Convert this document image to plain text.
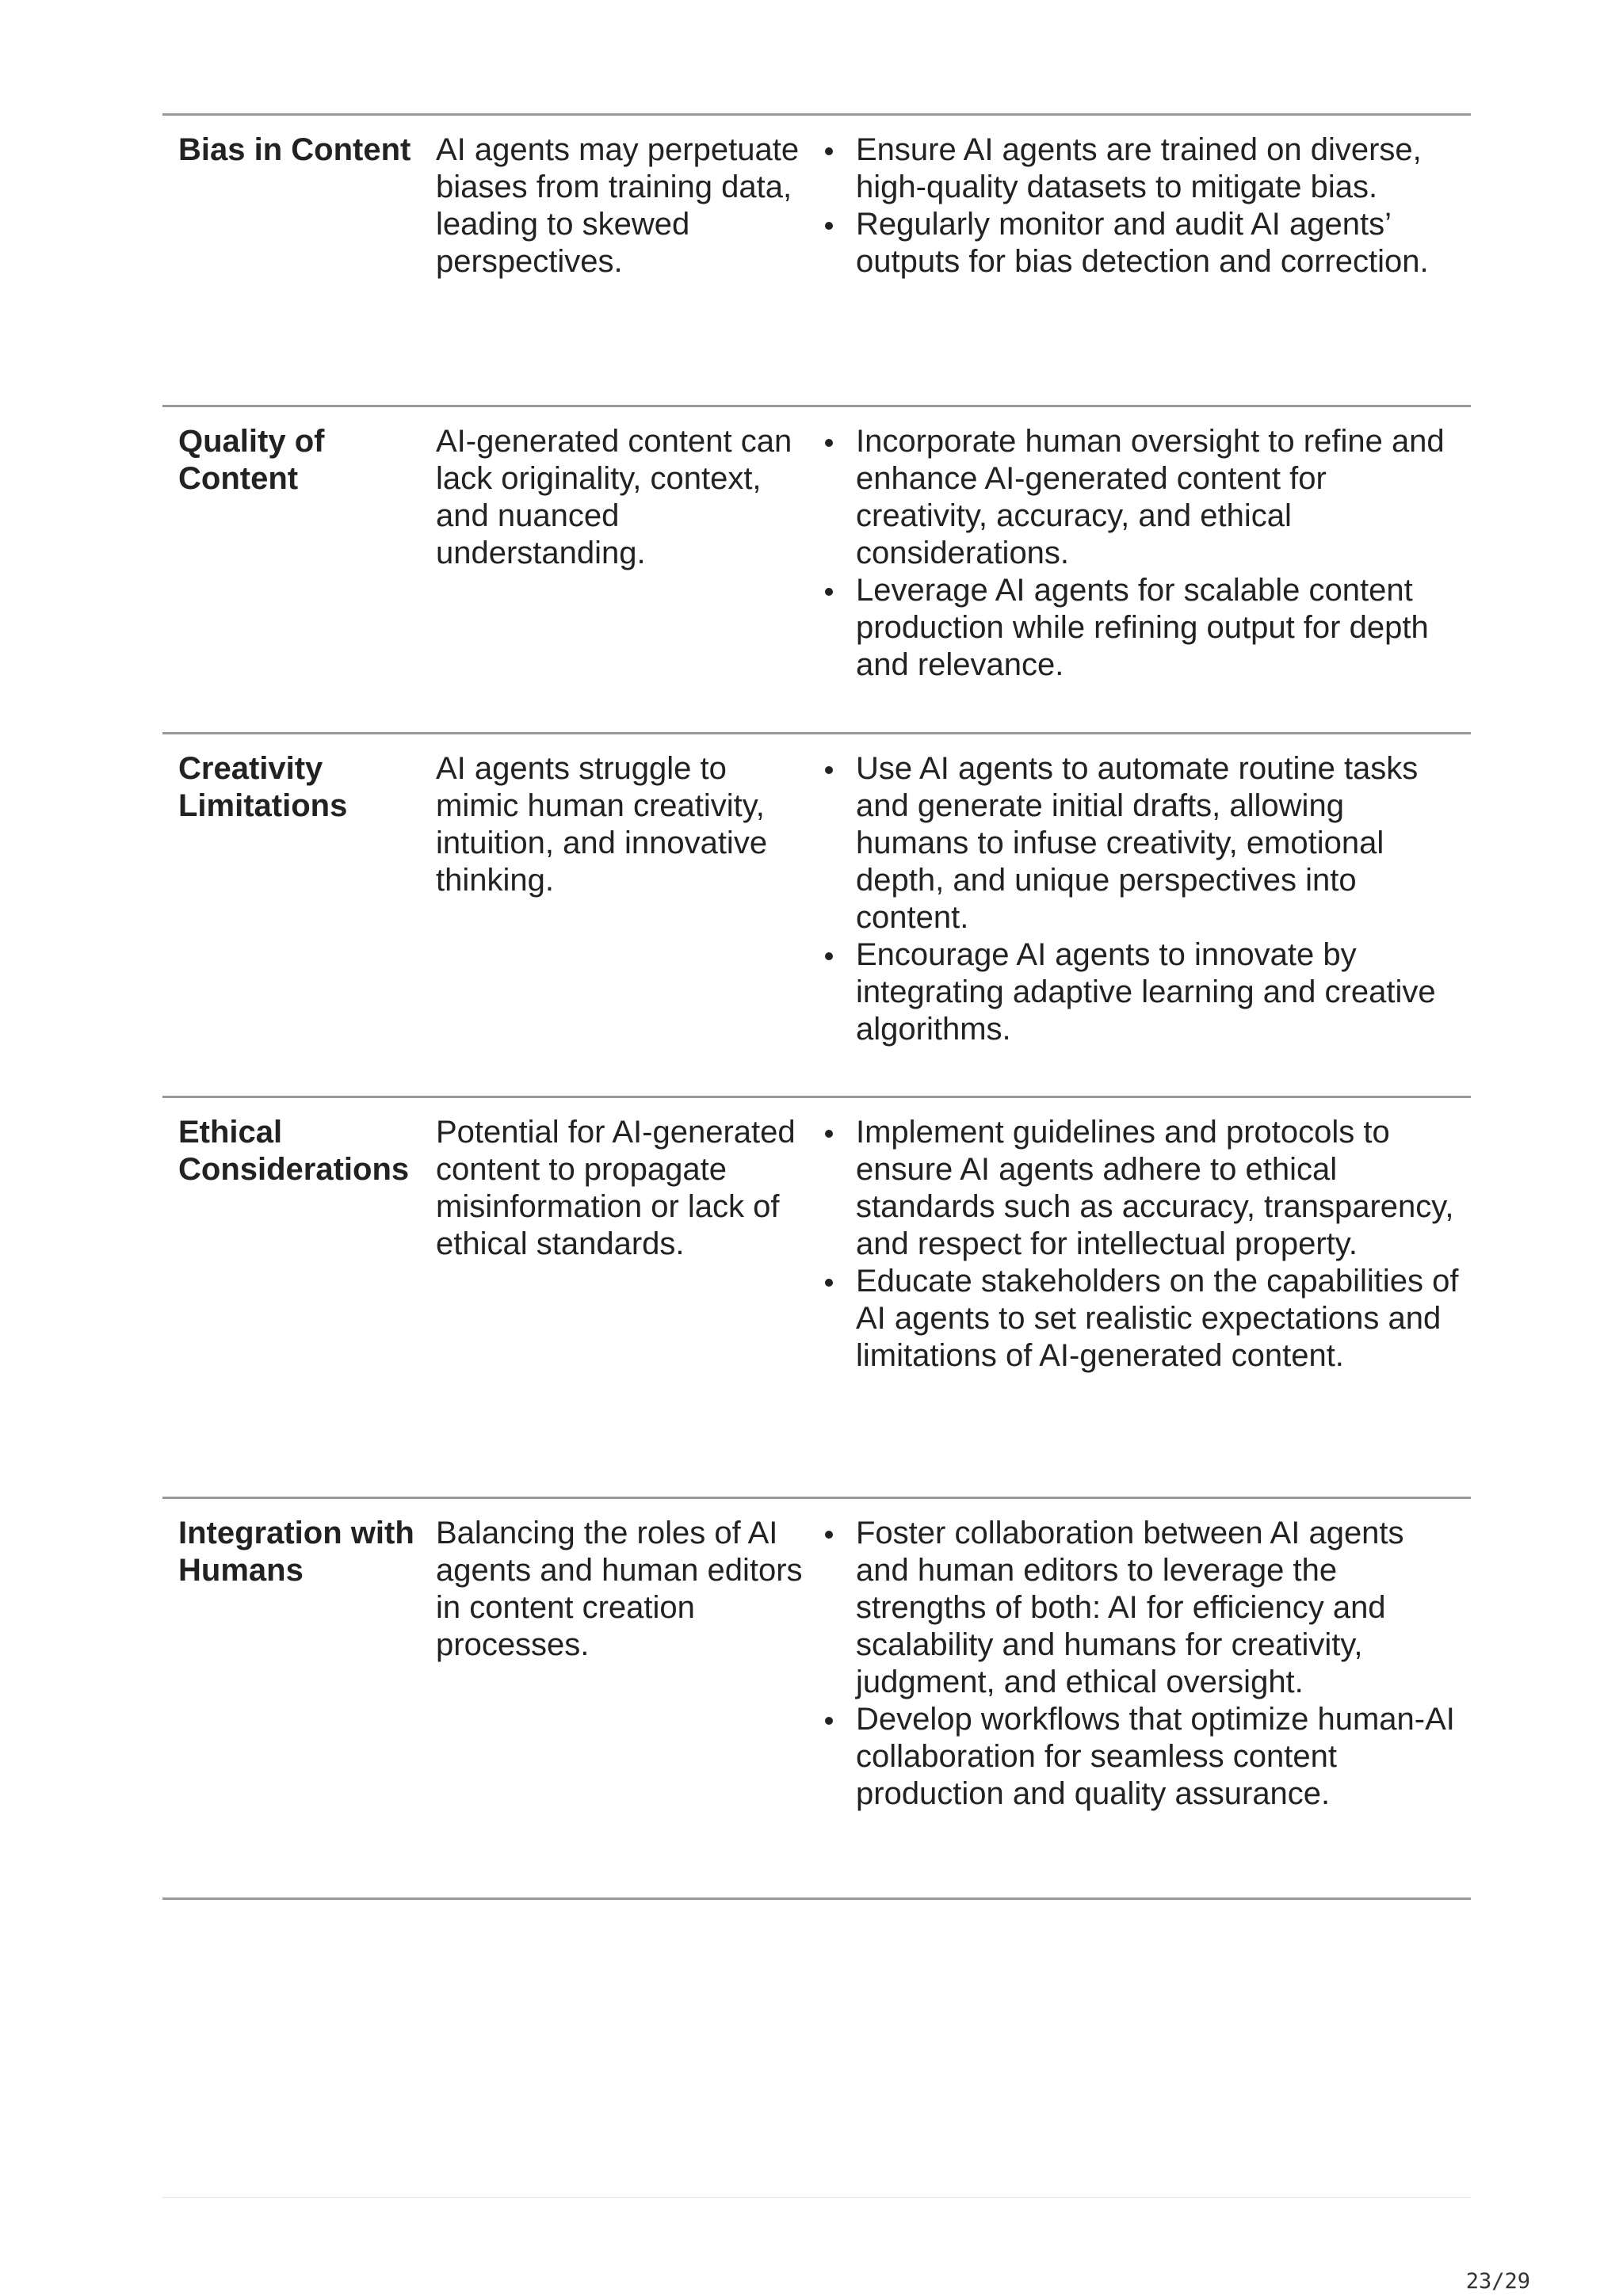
Bias in Content AI agents may perpetuate biases from training data, leading to skewed perspectives.
Ensure AI agents are trained on diverse, high-quality datasets to mitigate bias.
Regularly monitor and audit AI agents’ outputs for bias detection and correction.
Quality of Content
AI-generated content can lack originality, context, and nuanced understanding.
Incorporate human oversight to refine and enhance AI-generated content for creativity, accuracy, and ethical considerations.
Leverage AI agents for scalable content production while refining output for depth and relevance.
Creativity Limitations
AI agents struggle to mimic human creativity, intuition, and innovative thinking.
Use AI agents to automate routine tasks and generate initial drafts, allowing humans to infuse creativity, emotional depth, and unique perspectives into content.
Encourage AI agents to innovate by integrating adaptive learning and creative algorithms.
Ethical Considerations
Potential for AI-generated content to propagate misinformation or lack of ethical standards.
Implement guidelines and protocols to ensure AI agents adhere to ethical standards such as accuracy, transparency, and respect for intellectual property.
Educate stakeholders on the capabilities of AI agents to set realistic expectations and limitations of AI-generated content.
Integration with Humans
Balancing the roles of AI agents and human editors in content creation processes.
Foster collaboration between AI agents and human editors to leverage the strengths of both: AI for efficiency and scalability and humans for creativity, judgment, and ethical oversight.
Develop workflows that optimize human-AI collaboration for seamless content production and quality assurance.
23/29
